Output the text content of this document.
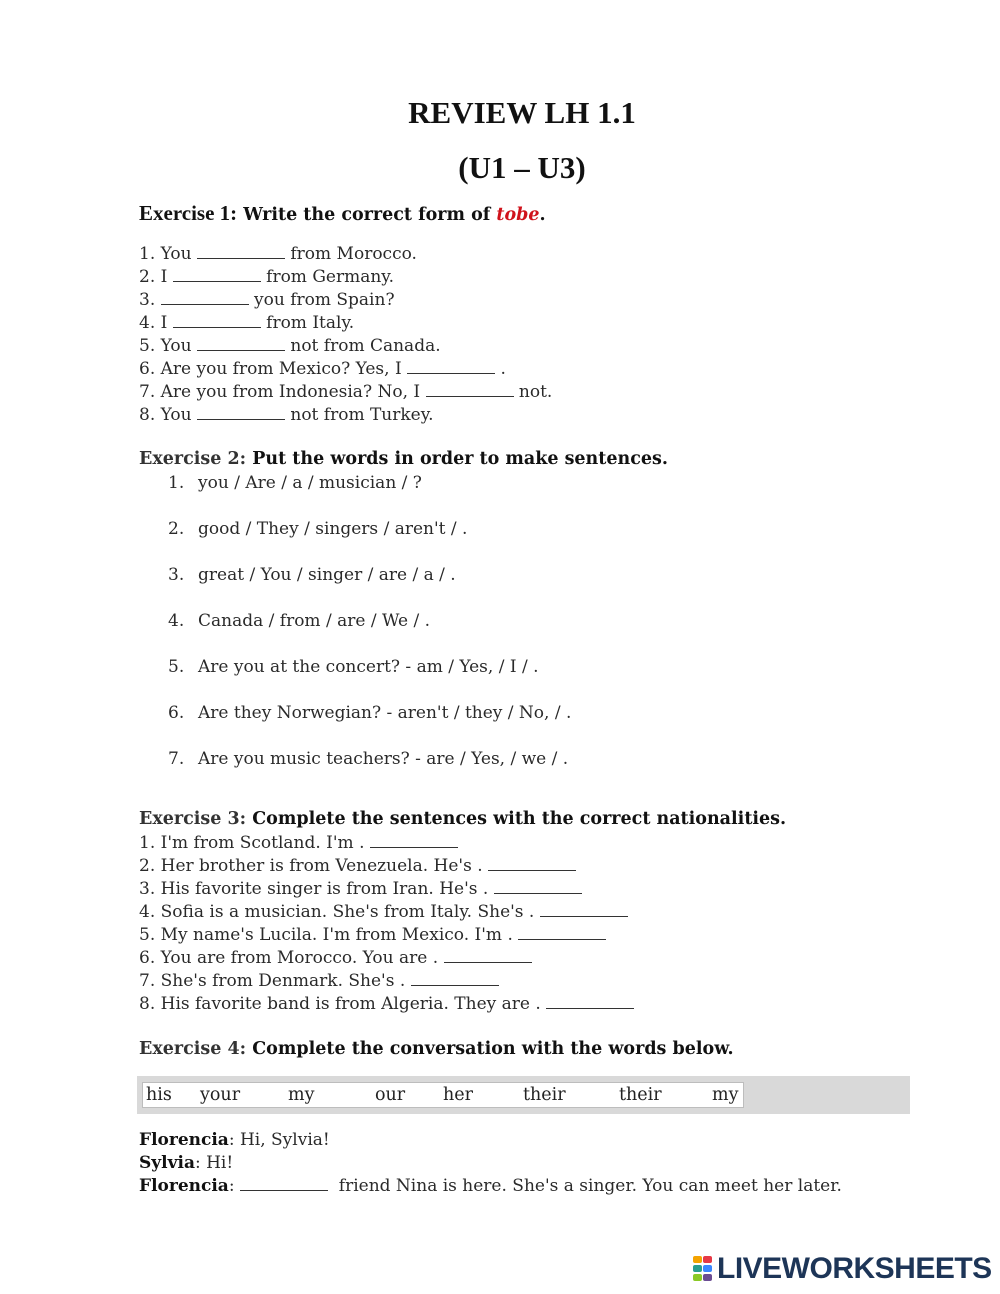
REVIEW LH 1.1
(U1 – U3)
Exercise 1: Write the correct form of tobe.
1. You	from Morocco.
2. I	from Germany.
3.	you from Spain?
4. I	from Italy.
5. You	not from Canada.
6. Are you from Mexico? Yes, I	.
7. Are you from Indonesia? No, I	not.
8. You	not from Turkey.
Exercise 2: Put the words in order to make sentences.
1. you / Are / a / musician / ?
2. good / They / singers / aren't / .
3. great / You / singer / are / a / .
4. Canada / from / are / We / .
5. Are you at the concert? - am / Yes, / I / .
6. Are they Norwegian? - aren't / they / No, / .
7. Are you music teachers? - are / Yes, / we / .
Exercise 3: Complete the sentences with the correct nationalities.
1. I'm from Scotland. I'm .
2. Her brother is from Venezuela. He's .
3. His favorite singer is from Iran. He's .
4. Sofia is a musician. She's from Italy. She's .
5. My name's Lucila. I'm from Mexico. I'm .
6. You are from Morocco. You are .
7. She's from Denmark. She's .
8. His favorite band is from Algeria. They are .
Exercise 4: Complete the conversation with the words below.
his your	my	our her	their	their	my
Florencia: Hi, Sylvia!
Sylvia: Hi!
Florencia:	friend Nina is here. She's a singer. You can meet her later.
LIVEWORKSHEETS
